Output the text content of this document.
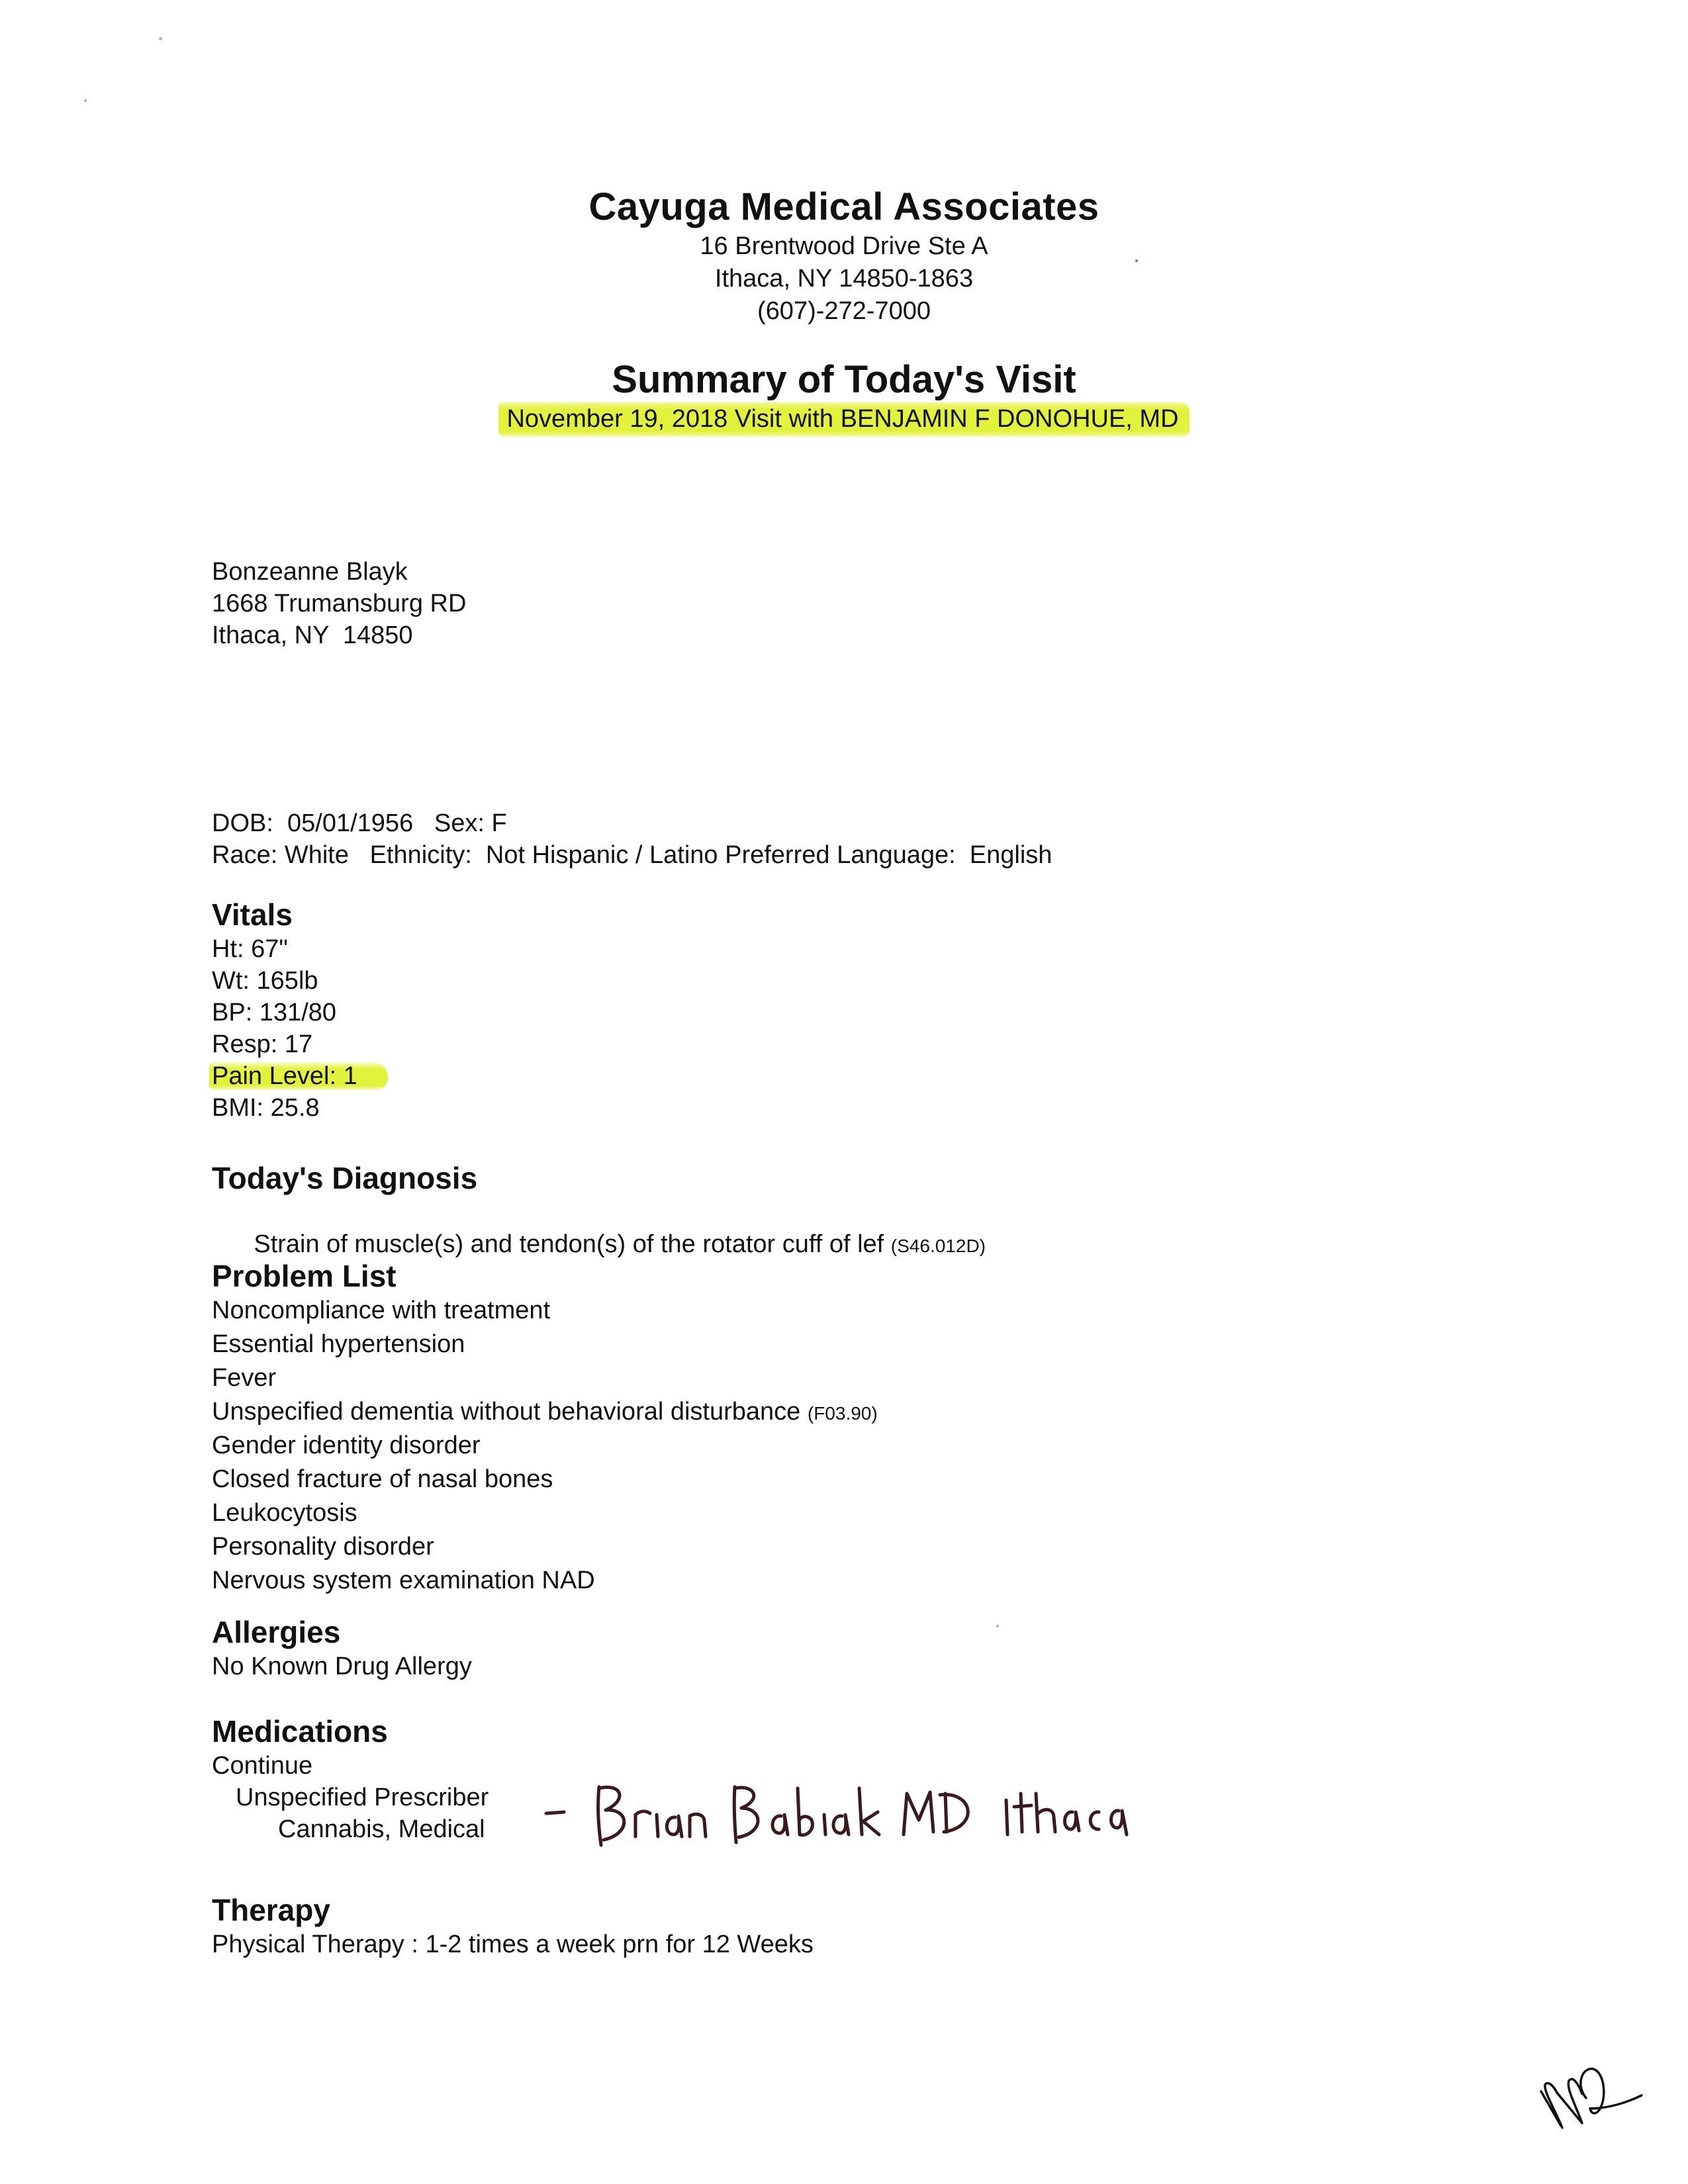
Cayuga Medical Associates
16 Brentwood Drive Ste A
Ithaca, NY 14850-1863
(607)-272-7000
Summary of Today's Visit
November 19, 2018 Visit with BENJAMIN F DONOHUE, MD
Bonzeanne Blayk
1668 Trumansburg RD
Ithaca, NY  14850
DOB:  05/01/1956   Sex: F
Race: White   Ethnicity:  Not Hispanic / Latino Preferred Language:  English
Vitals
Ht: 67"
Wt: 165lb
BP: 131/80
Resp: 17
Pain Level: 1
BMI: 25.8
Today's Diagnosis

Strain of muscle(s) and tendon(s) of the rotator cuff of lef (S46.012D)

Problem List
Noncompliance with treatment
Essential hypertension
Fever
Unspecified dementia without behavioral disturbance (F03.90)
Gender identity disorder
Closed fracture of nasal bones
Leukocytosis
Personality disorder
Nervous system examination NAD
Allergies
No Known Drug Allergy
Medications
Continue
Unspecified Prescriber
Cannabis, Medical
Therapy
Physical Therapy : 1-2 times a week prn for 12 Weeks
